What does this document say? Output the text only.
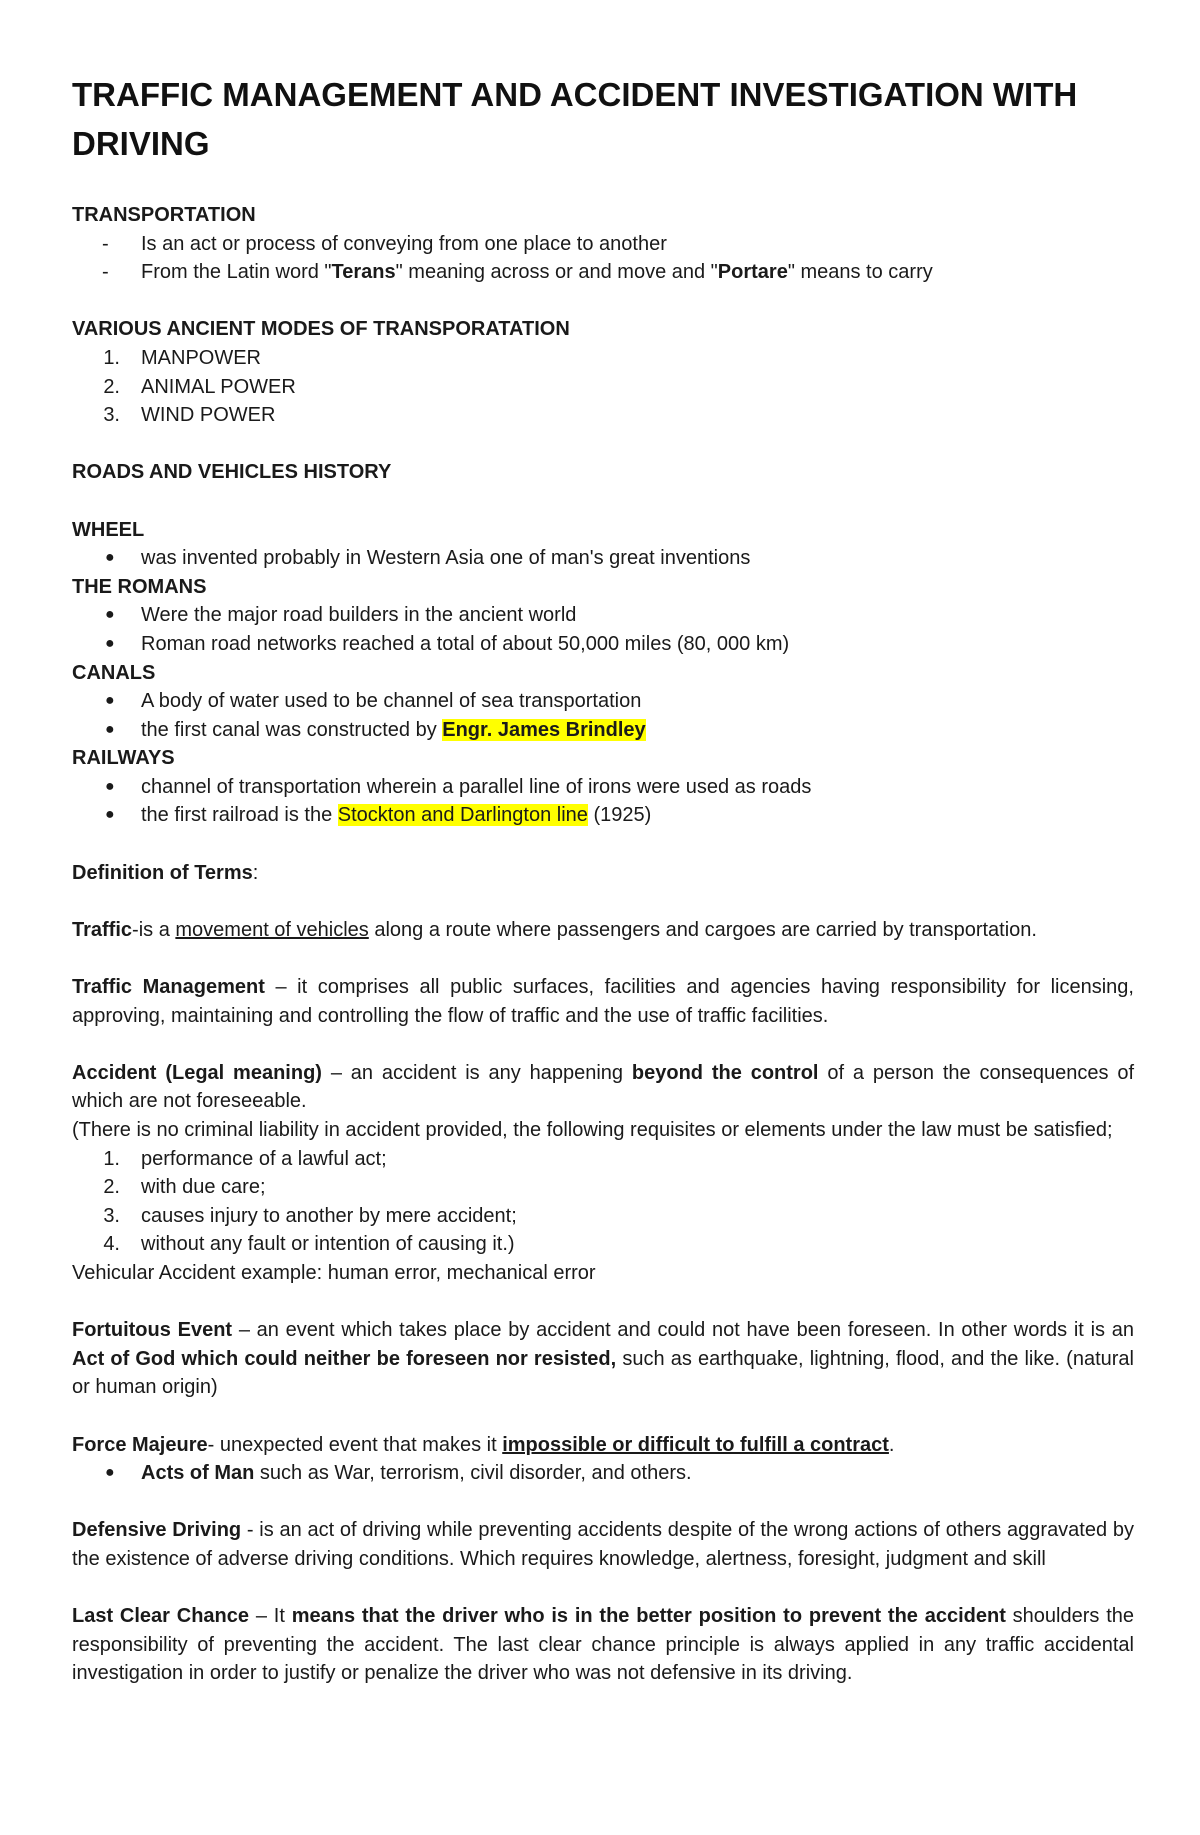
TRAFFIC MANAGEMENT AND ACCIDENT INVESTIGATION WITH DRIVING

TRANSPORTATION

-	Is an act or process of conveying from one place to another
-	From the Latin word "Terans" meaning across or and move and "Portare" means to carry

VARIOUS ANCIENT MODES OF TRANSPORATATION

1. MANPOWER
2. ANIMAL POWER
3. WIND POWER

ROADS AND VEHICLES HISTORY

WHEEL

●	was invented probably in Western Asia one of man's great inventions

THE ROMANS

●	Were the major road builders in the ancient world
●	Roman road networks reached a total of about 50,000 miles (80, 000 km)

CANALS

●	A body of water used to be channel of sea transportation
●	the first canal was constructed by Engr. James Brindley

RAILWAYS

●	channel of transportation wherein a parallel line of irons were used as roads
●	the first railroad is the Stockton and Darlington line (1925)

Definition of Terms:

Traffic-is a movement of vehicles along a route where passengers and cargoes are carried by transportation.

Traffic Management – it comprises all public surfaces, facilities and agencies having responsibility for licensing, approving, maintaining and controlling the flow of traffic and the use of traffic facilities.

Accident (Legal meaning) – an accident is any happening beyond the control of a person the consequences of which are not foreseeable.

(There is no criminal liability in accident provided, the following requisites or elements under the law must be satisfied;

1. performance of a lawful act;
2. with due care;
3. causes injury to another by mere accident;
4. without any fault or intention of causing it.)

Vehicular Accident example: human error, mechanical error

Fortuitous Event – an event which takes place by accident and could not have been foreseen. In other words it is an Act of God which could neither be foreseen nor resisted, such as earthquake, lightning, flood, and the like. (natural or human origin)

Force Majeure- unexpected event that makes it impossible or difficult to fulfill a contract.

●	Acts of Man such as War, terrorism, civil disorder, and others.

Defensive Driving - is an act of driving while preventing accidents despite of the wrong actions of others aggravated by the existence of adverse driving conditions. Which requires knowledge, alertness, foresight, judgment and skill

Last Clear Chance – It means that the driver who is in the better position to prevent the accident shoulders the responsibility of preventing the accident. The last clear chance principle is always applied in any traffic accidental investigation in order to justify or penalize the driver who was not defensive in its driving.
